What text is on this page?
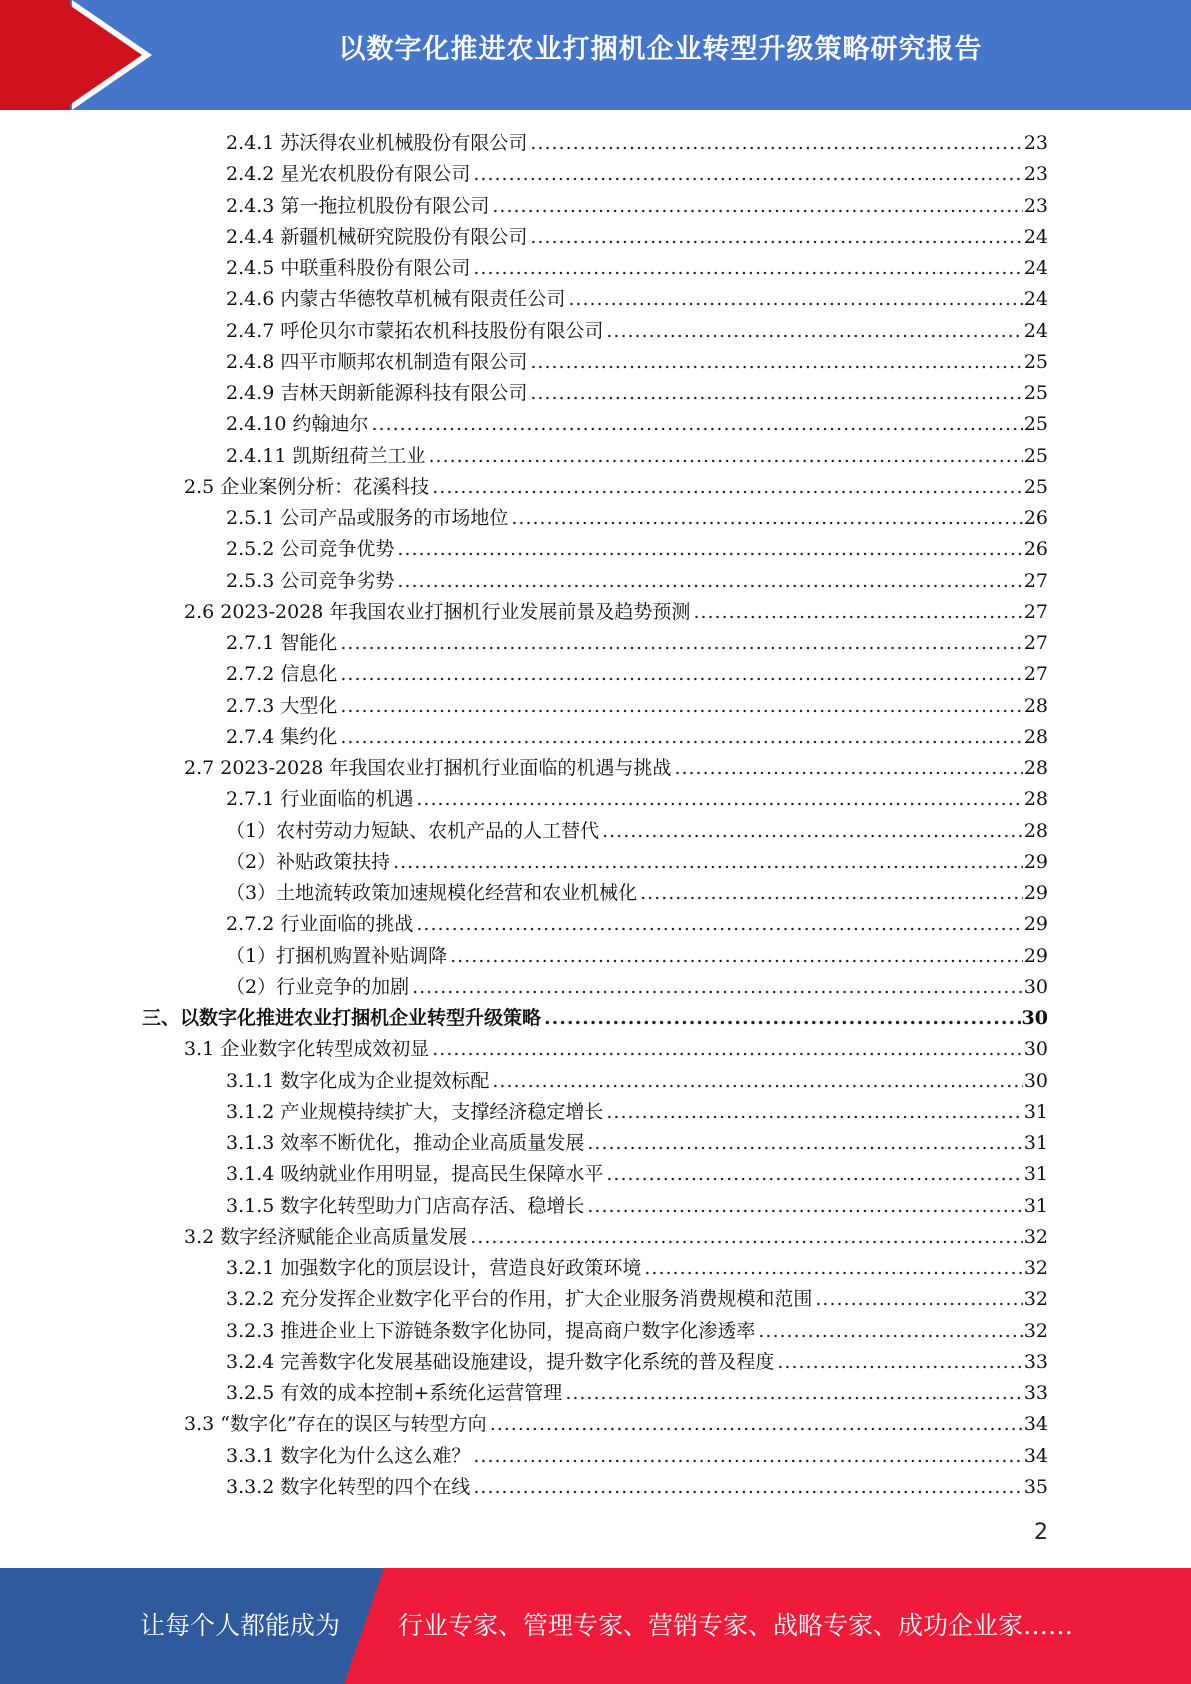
以数字化推进农业打捆机企业转型升级策略研究报告
2.4.1 苏沃得农业机械股份有限公司 .....	23
2.4.2 星光农机股份有限公司 .....	23
2.4.3 第一拖拉机股份有限公司 .....	23
2.4.4 新疆机械研究院股份有限公司 .....	24
2.4.5 中联重科股份有限公司 .....	24
2.4.6 内蒙古华德牧草机械有限责任公司 .....	24
2.4.7 呼伦贝尔市蒙拓农机科技股份有限公司 .....	24
2.4.8 四平市顺邦农机制造有限公司 .....	25
2.4.9 吉林天朗新能源科技有限公司 .....	25
2.4.10 约翰迪尔 .....	25
2.4.11 凯斯纽荷兰工业 .....	25
2.5 企业案例分析：花溪科技 .....	25
2.5.1 公司产品或服务的市场地位 .....	26
2.5.2 公司竞争优势 .....	26
2.5.3 公司竞争劣势 .....	27
2.6 2023-2028 年我国农业打捆机行业发展前景及趋势预测 .....	27
2.7.1 智能化 .....	27
2.7.2 信息化 .....	27
2.7.3 大型化 .....	28
2.7.4 集约化 .....	28
2.7 2023-2028 年我国农业打捆机行业面临的机遇与挑战 .....	28
2.7.1 行业面临的机遇 .....	28
（1）农村劳动力短缺、农机产品的人工替代 .....	28
（2）补贴政策扶持 .....	29
（3）土地流转政策加速规模化经营和农业机械化 .....	29
2.7.2 行业面临的挑战 .....	29
（1）打捆机购置补贴调降 .....	29
（2）行业竞争的加剧 .....	30
三、以数字化推进农业打捆机企业转型升级策略 .....	30
3.1 企业数字化转型成效初显 .....	30
3.1.1 数字化成为企业提效标配 .....	30
3.1.2 产业规模持续扩大，支撑经济稳定增长 .....	31
3.1.3 效率不断优化，推动企业高质量发展 .....	31
3.1.4 吸纳就业作用明显，提高民生保障水平 .....	31
3.1.5 数字化转型助力门店高存活、稳增长 .....	31
3.2 数字经济赋能企业高质量发展 .....	32
3.2.1 加强数字化的顶层设计，营造良好政策环境 .....	32
3.2.2 充分发挥企业数字化平台的作用，扩大企业服务消费规模和范围 .....	32
3.2.3 推进企业上下游链条数字化协同，提高商户数字化渗透率 .....	32
3.2.4 完善数字化发展基础设施建设，提升数字化系统的普及程度 .....	33
3.2.5 有效的成本控制+系统化运营管理 .....	33
3.3 “数字化”存在的误区与转型方向 .....	34
3.3.1 数字化为什么这么难？ .....	34
3.3.2 数字化转型的四个在线 .....	35
2
让每个人都能成为 行业专家、管理专家、营销专家、战略专家、成功企业家……
